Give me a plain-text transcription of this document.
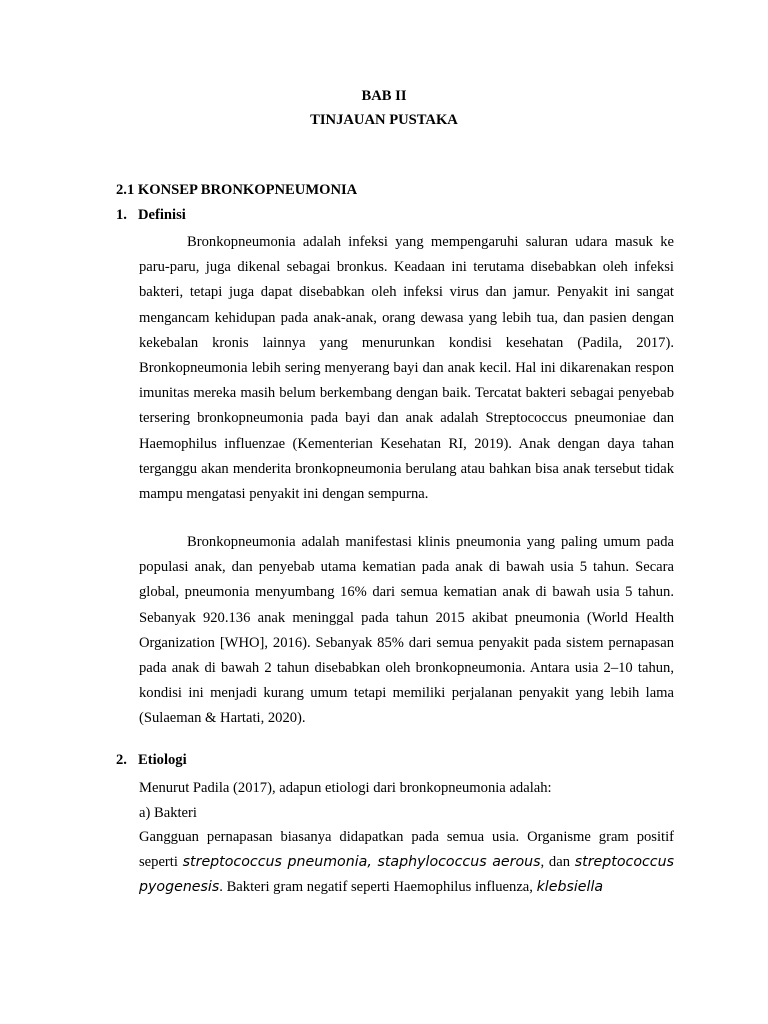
BAB II
TINJAUAN PUSTAKA
2.1 KONSEP BRONKOPNEUMONIA
1. Definisi

Bronkopneumonia adalah infeksi yang mempengaruhi saluran udara masuk ke paru-paru, juga dikenal sebagai bronkus. Keadaan ini terutama disebabkan oleh infeksi bakteri, tetapi juga dapat disebabkan oleh infeksi virus dan jamur. Penyakit ini sangat mengancam kehidupan pada anak-anak, orang dewasa yang lebih tua, dan pasien dengan kekebalan kronis lainnya yang menurunkan kondisi kesehatan (Padila, 2017). Bronkopneumonia lebih sering menyerang bayi dan anak kecil. Hal ini dikarenakan respon imunitas mereka masih belum berkembang dengan baik. Tercatat bakteri sebagai penyebab tersering bronkopneumonia pada bayi dan anak adalah Streptococcus pneumoniae dan Haemophilus influenzae (Kementerian Kesehatan RI, 2019). Anak dengan daya tahan terganggu akan menderita bronkopneumonia berulang atau bahkan bisa anak tersebut tidak mampu mengatasi penyakit ini dengan sempurna.

Bronkopneumonia adalah manifestasi klinis pneumonia yang paling umum pada populasi anak, dan penyebab utama kematian pada anak di bawah usia 5 tahun. Secara global, pneumonia menyumbang 16% dari semua kematian anak di bawah usia 5 tahun. Sebanyak 920.136 anak meninggal pada tahun 2015 akibat pneumonia (World Health Organization [WHO], 2016). Sebanyak 85% dari semua penyakit pada sistem pernapasan pada anak di bawah 2 tahun disebabkan oleh bronkopneumonia. Antara usia 2–10 tahun, kondisi ini menjadi kurang umum tetapi memiliki perjalanan penyakit yang lebih lama (Sulaeman & Hartati, 2020).

2. Etiologi
Menurut Padila (2017), adapun etiologi dari bronkopneumonia adalah:
a) Bakteri

Gangguan pernapasan biasanya didapatkan pada semua usia. Organisme gram positif seperti streptococcus pneumonia, staphylococcus aerous, dan streptococcus pyogenesis. Bakteri gram negatif seperti Haemophilus influenza, klebsiella
